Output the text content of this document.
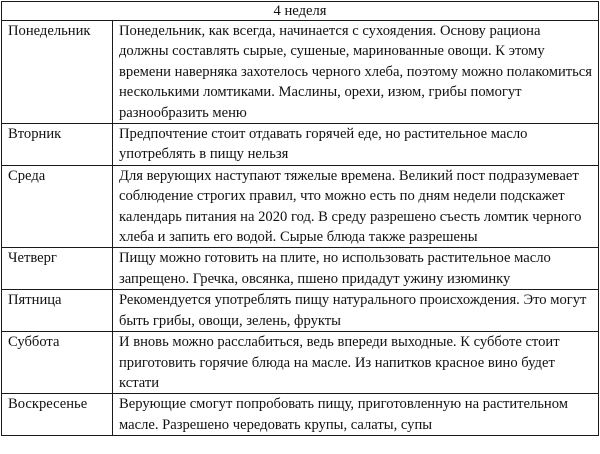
4 неделя	
Понедельник	Понедельник, как всегда, начинается с сухоядения. Основу рациона должны составлять сырые, сушеные, маринованные овощи. К этому времени наверняка захотелось черного хлеба, поэтому можно полакомиться несколькими ломтиками. Маслины, орехи, изюм, грибы помогут разнообразить меню
Вторник	Предпочтение стоит отдавать горячей еде, но растительное масло употреблять в пищу нельзя
Среда	Для верующих наступают тяжелые времена. Великий пост подразумевает соблюдение строгих правил, что можно есть по дням недели подскажет календарь питания на 2020 год. В среду разрешено съесть ломтик черного хлеба и запить его водой. Сырые блюда также разрешены
Четверг	Пищу можно готовить на плите, но использовать растительное масло запрещено. Гречка, овсянка, пшено придадут ужину изюминку
Пятница	Рекомендуется употреблять пищу натурального происхождения. Это могут быть грибы, овощи, зелень, фрукты
Суббота	И вновь можно расслабиться, ведь впереди выходные. К субботе стоит приготовить горячие блюда на масле. Из напитков красное вино будет кстати
Воскресенье	Верующие смогут попробовать пищу, приготовленную на растительном масле. Разрешено чередовать крупы, салаты, супы
